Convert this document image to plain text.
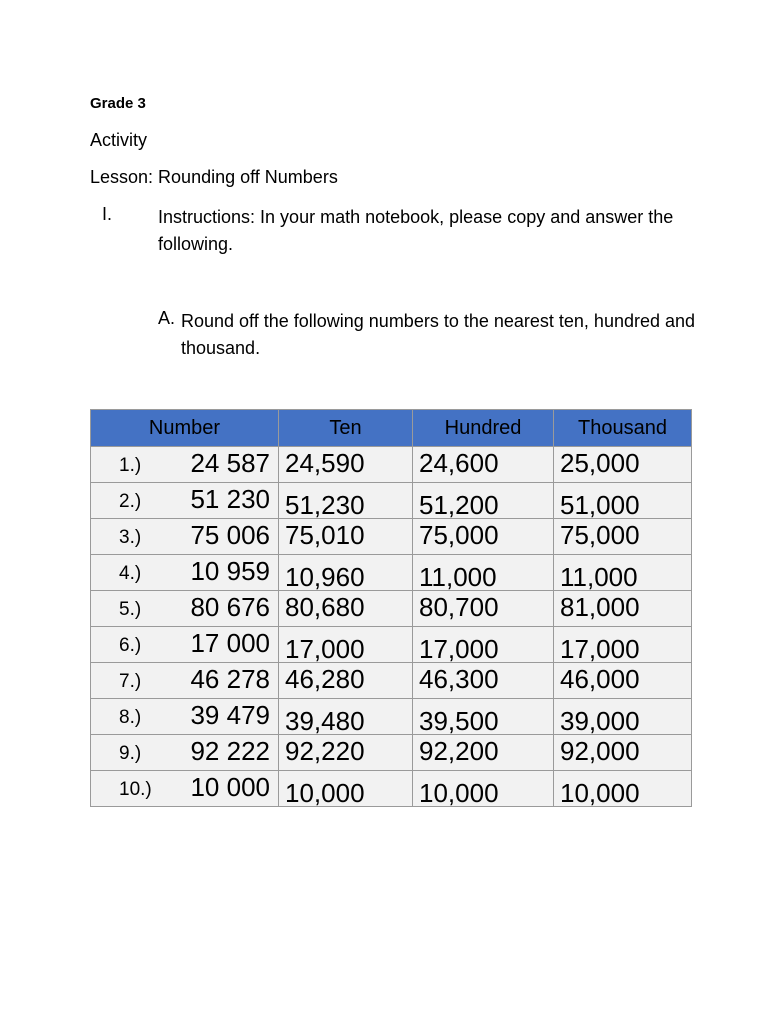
Grade 3
Activity
Lesson: Rounding off Numbers
I.	Instructions: In your math notebook, please copy and answer the following.
A. Round off the following numbers to the nearest ten, hundred and thousand.
Number	Ten	Hundred	Thousand

1.) 24 587	24,590	24,600	25,000

2.) 51 230	51,230	51,200	51,000

3.) 75 006	75,010	75,000	75,000

4.) 10 959	10,960	11,000	11,000

5.) 80 676	80,680	80,700	81,000

6.) 17 000	17,000	17,000	17,000

7.) 46 278	46,280	46,300	46,000

8.) 39 479	39,480	39,500	39,000

9.) 92 222	92,220	92,200	92,000

10.) 10 000	10,000	10,000	10,000
